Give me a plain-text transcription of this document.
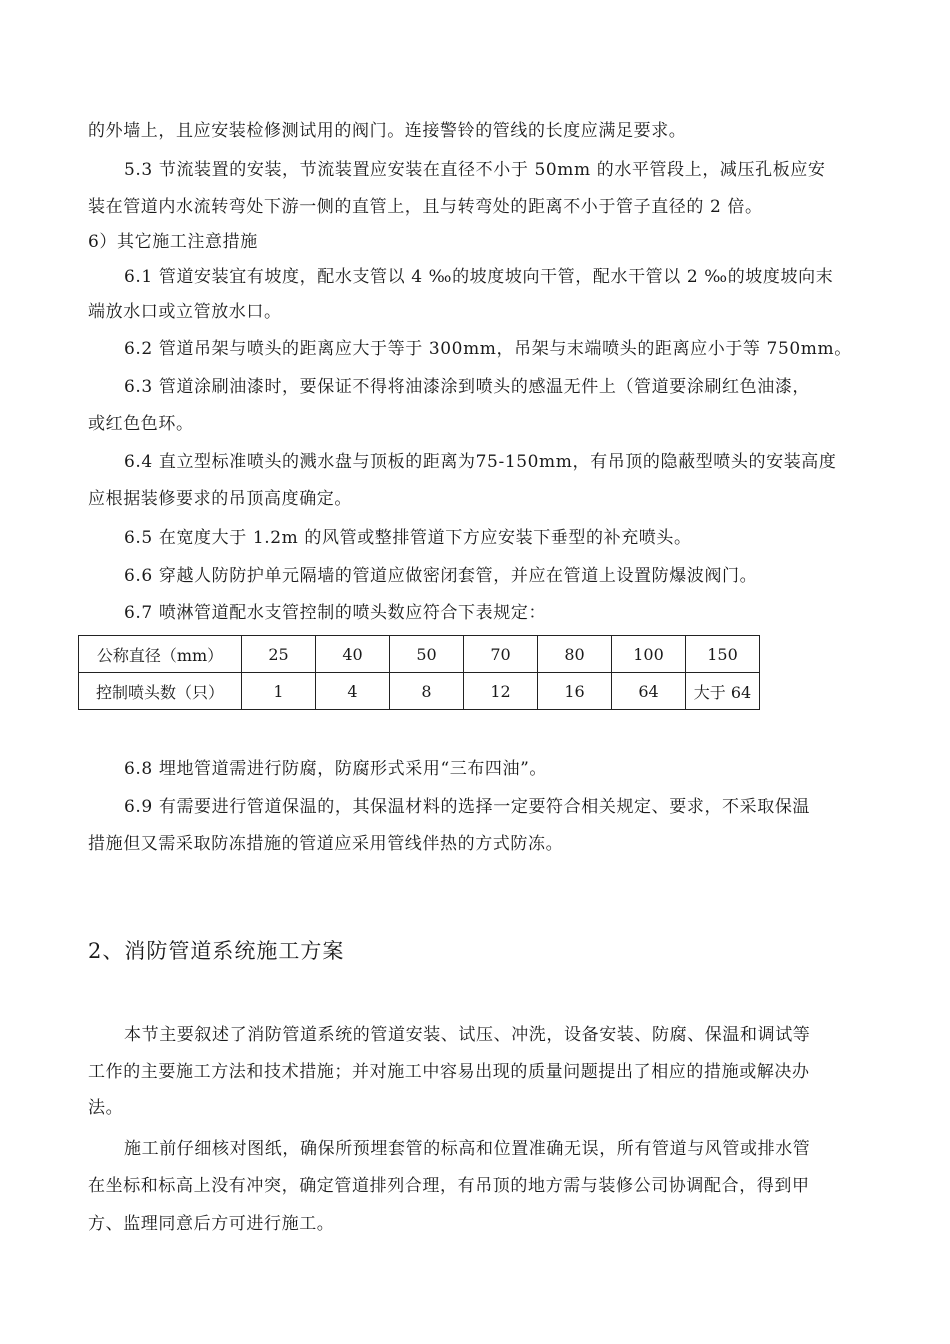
的外墙上，且应安装检修测试用的阀门。连接警铃的管线的长度应满足要求。

5.3 节流装置的安装，节流装置应安装在直径不小于 50mm 的水平管段上，减压孔板应安

装在管道内水流转弯处下游一侧的直管上，且与转弯处的距离不小于管子直径的 2 倍。

6）其它施工注意措施

6.1 管道安装宜有坡度，配水支管以 4 ‰的坡度坡向干管，配水干管以 2 ‰的坡度坡向末

端放水口或立管放水口。

6.2 管道吊架与喷头的距离应大于等于 300mm，吊架与末端喷头的距离应小于等 750mm。

6.3 管道涂刷油漆时，要保证不得将油漆涂到喷头的感温无件上（管道要涂刷红色油漆，

或红色色环。

6.4 直立型标准喷头的溅水盘与顶板的距离为75-150mm，有吊顶的隐蔽型喷头的安装高度

应根据装修要求的吊顶高度确定。

6.5 在宽度大于 1.2m 的风管或整排管道下方应安装下垂型的补充喷头。

6.6 穿越人防防护单元隔墙的管道应做密闭套管，并应在管道上设置防爆波阀门。

6.7 喷淋管道配水支管控制的喷头数应符合下表规定：

公称直径（mm）	25	40	50	70	80	100	150
控制喷头数（只）	1	4	8	12	16	64	大于 64

6.8 埋地管道需进行防腐，防腐形式采用“三布四油”。

6.9 有需要进行管道保温的，其保温材料的选择一定要符合相关规定、要求，不采取保温

措施但又需采取防冻措施的管道应采用管线伴热的方式防冻。

2、消防管道系统施工方案

本节主要叙述了消防管道系统的管道安装、试压、冲洗，设备安装、防腐、保温和调试等

工作的主要施工方法和技术措施；并对施工中容易出现的质量问题提出了相应的措施或解决办

法。

施工前仔细核对图纸，确保所预埋套管的标高和位置准确无误，所有管道与风管或排水管

在坐标和标高上没有冲突，确定管道排列合理，有吊顶的地方需与装修公司协调配合，得到甲

方、监理同意后方可进行施工。
